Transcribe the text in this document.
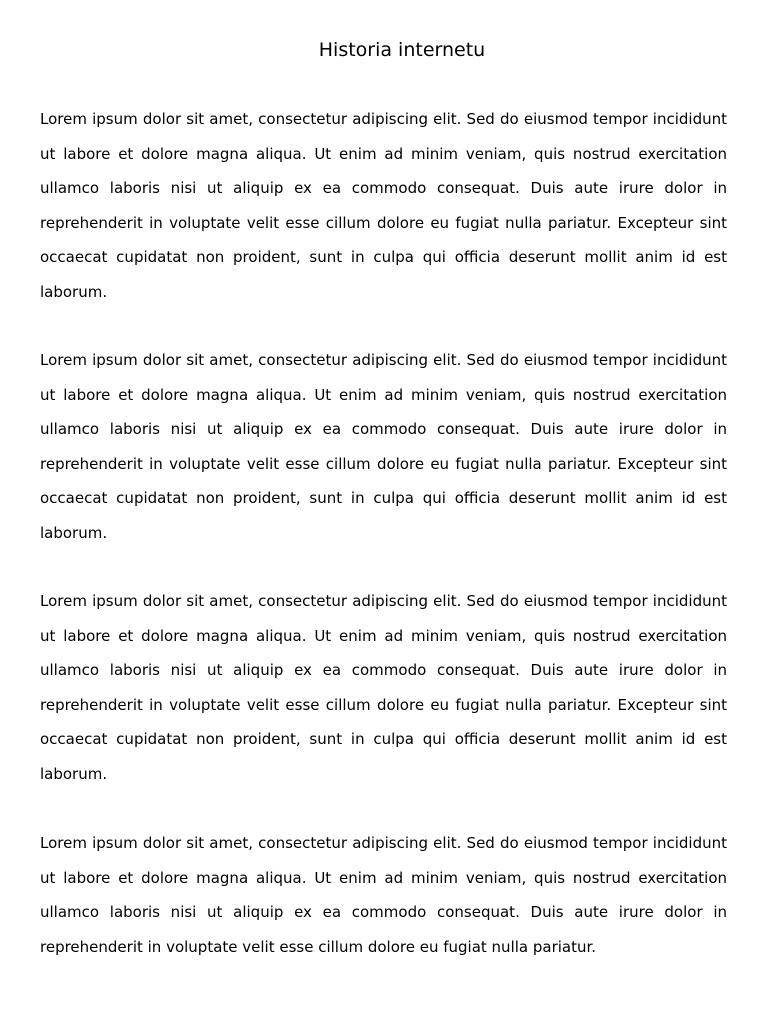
Historia internetu

Lorem ipsum dolor sit amet, consectetur adipiscing elit. Sed do eiusmod tempor incididunt ut labore et dolore magna aliqua. Ut enim ad minim veniam, quis nostrud exercitation ullamco laboris nisi ut aliquip ex ea commodo consequat. Duis aute irure dolor in reprehenderit in voluptate velit esse cillum dolore eu fugiat nulla pariatur. Excepteur sint occaecat cupidatat non proident, sunt in culpa qui officia deserunt mollit anim id est laborum.

Lorem ipsum dolor sit amet, consectetur adipiscing elit. Sed do eiusmod tempor incididunt ut labore et dolore magna aliqua. Ut enim ad minim veniam, quis nostrud exercitation ullamco laboris nisi ut aliquip ex ea commodo consequat. Duis aute irure dolor in reprehenderit in voluptate velit esse cillum dolore eu fugiat nulla pariatur. Excepteur sint occaecat cupidatat non proident, sunt in culpa qui officia deserunt mollit anim id est laborum.

Lorem ipsum dolor sit amet, consectetur adipiscing elit. Sed do eiusmod tempor incididunt ut labore et dolore magna aliqua. Ut enim ad minim veniam, quis nostrud exercitation ullamco laboris nisi ut aliquip ex ea commodo consequat. Duis aute irure dolor in reprehenderit in voluptate velit esse cillum dolore eu fugiat nulla pariatur. Excepteur sint occaecat cupidatat non proident, sunt in culpa qui officia deserunt mollit anim id est laborum.

Lorem ipsum dolor sit amet, consectetur adipiscing elit. Sed do eiusmod tempor incididunt ut labore et dolore magna aliqua. Ut enim ad minim veniam, quis nostrud exercitation ullamco laboris nisi ut aliquip ex ea commodo consequat. Duis aute irure dolor in reprehenderit in voluptate velit esse cillum dolore eu fugiat nulla pariatur.
